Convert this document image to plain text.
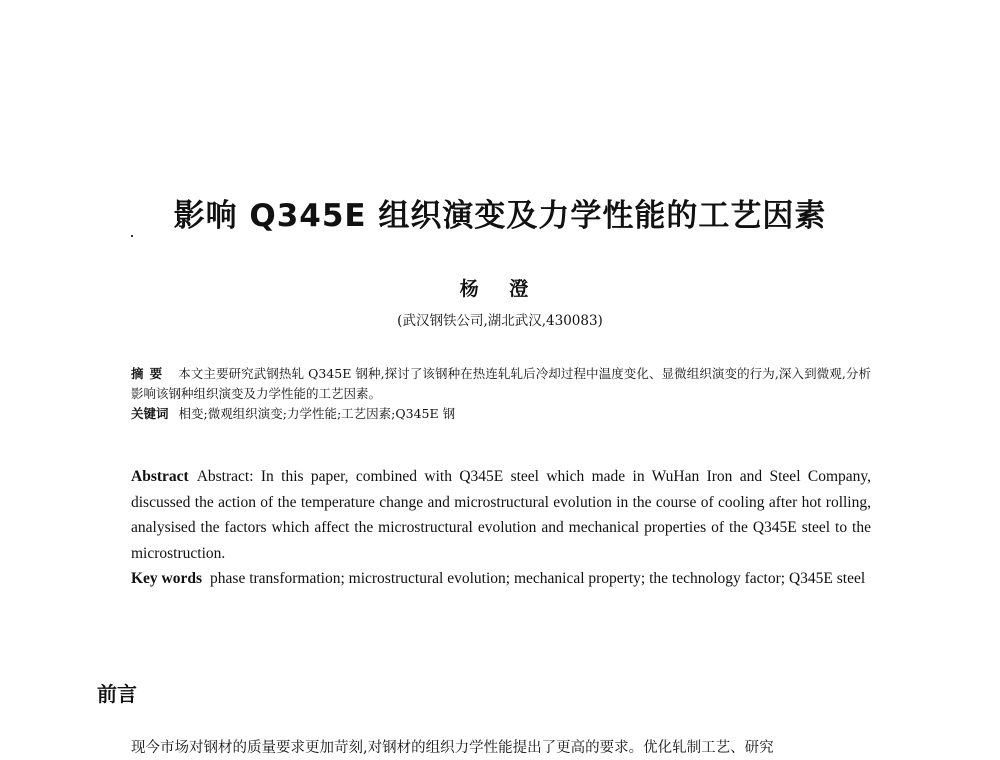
影响 Q345E 组织演变及力学性能的工艺因素
杨 澄
(武汉钢铁公司,湖北武汉,430083)
摘要 本文主要研究武钢热轧 Q345E 钢种,探讨了该钢种在热连轧轧后冷却过程中温度变化、显微组织演变的行为,深入到微观,分析影响该钢种组织演变及力学性能的工艺因素。
关键词 相变;微观组织演变;力学性能;工艺因素;Q345E 钢

Abstract Abstract: In this paper, combined with Q345E steel which made in WuHan Iron and Steel Company, discussed the action of the temperature change and microstructural evolution in the course of cooling after hot rolling, analysised the factors which affect the microstructural evolution and mechanical properties of the Q345E steel to the microstruction.

Key words phase transformation; microstructural evolution; mechanical property; the technology factor; Q345E steel

前言
现今市场对钢材的质量要求更加苛刻,对钢材的组织力学性能提出了更高的要求。优化轧制工艺、研究
